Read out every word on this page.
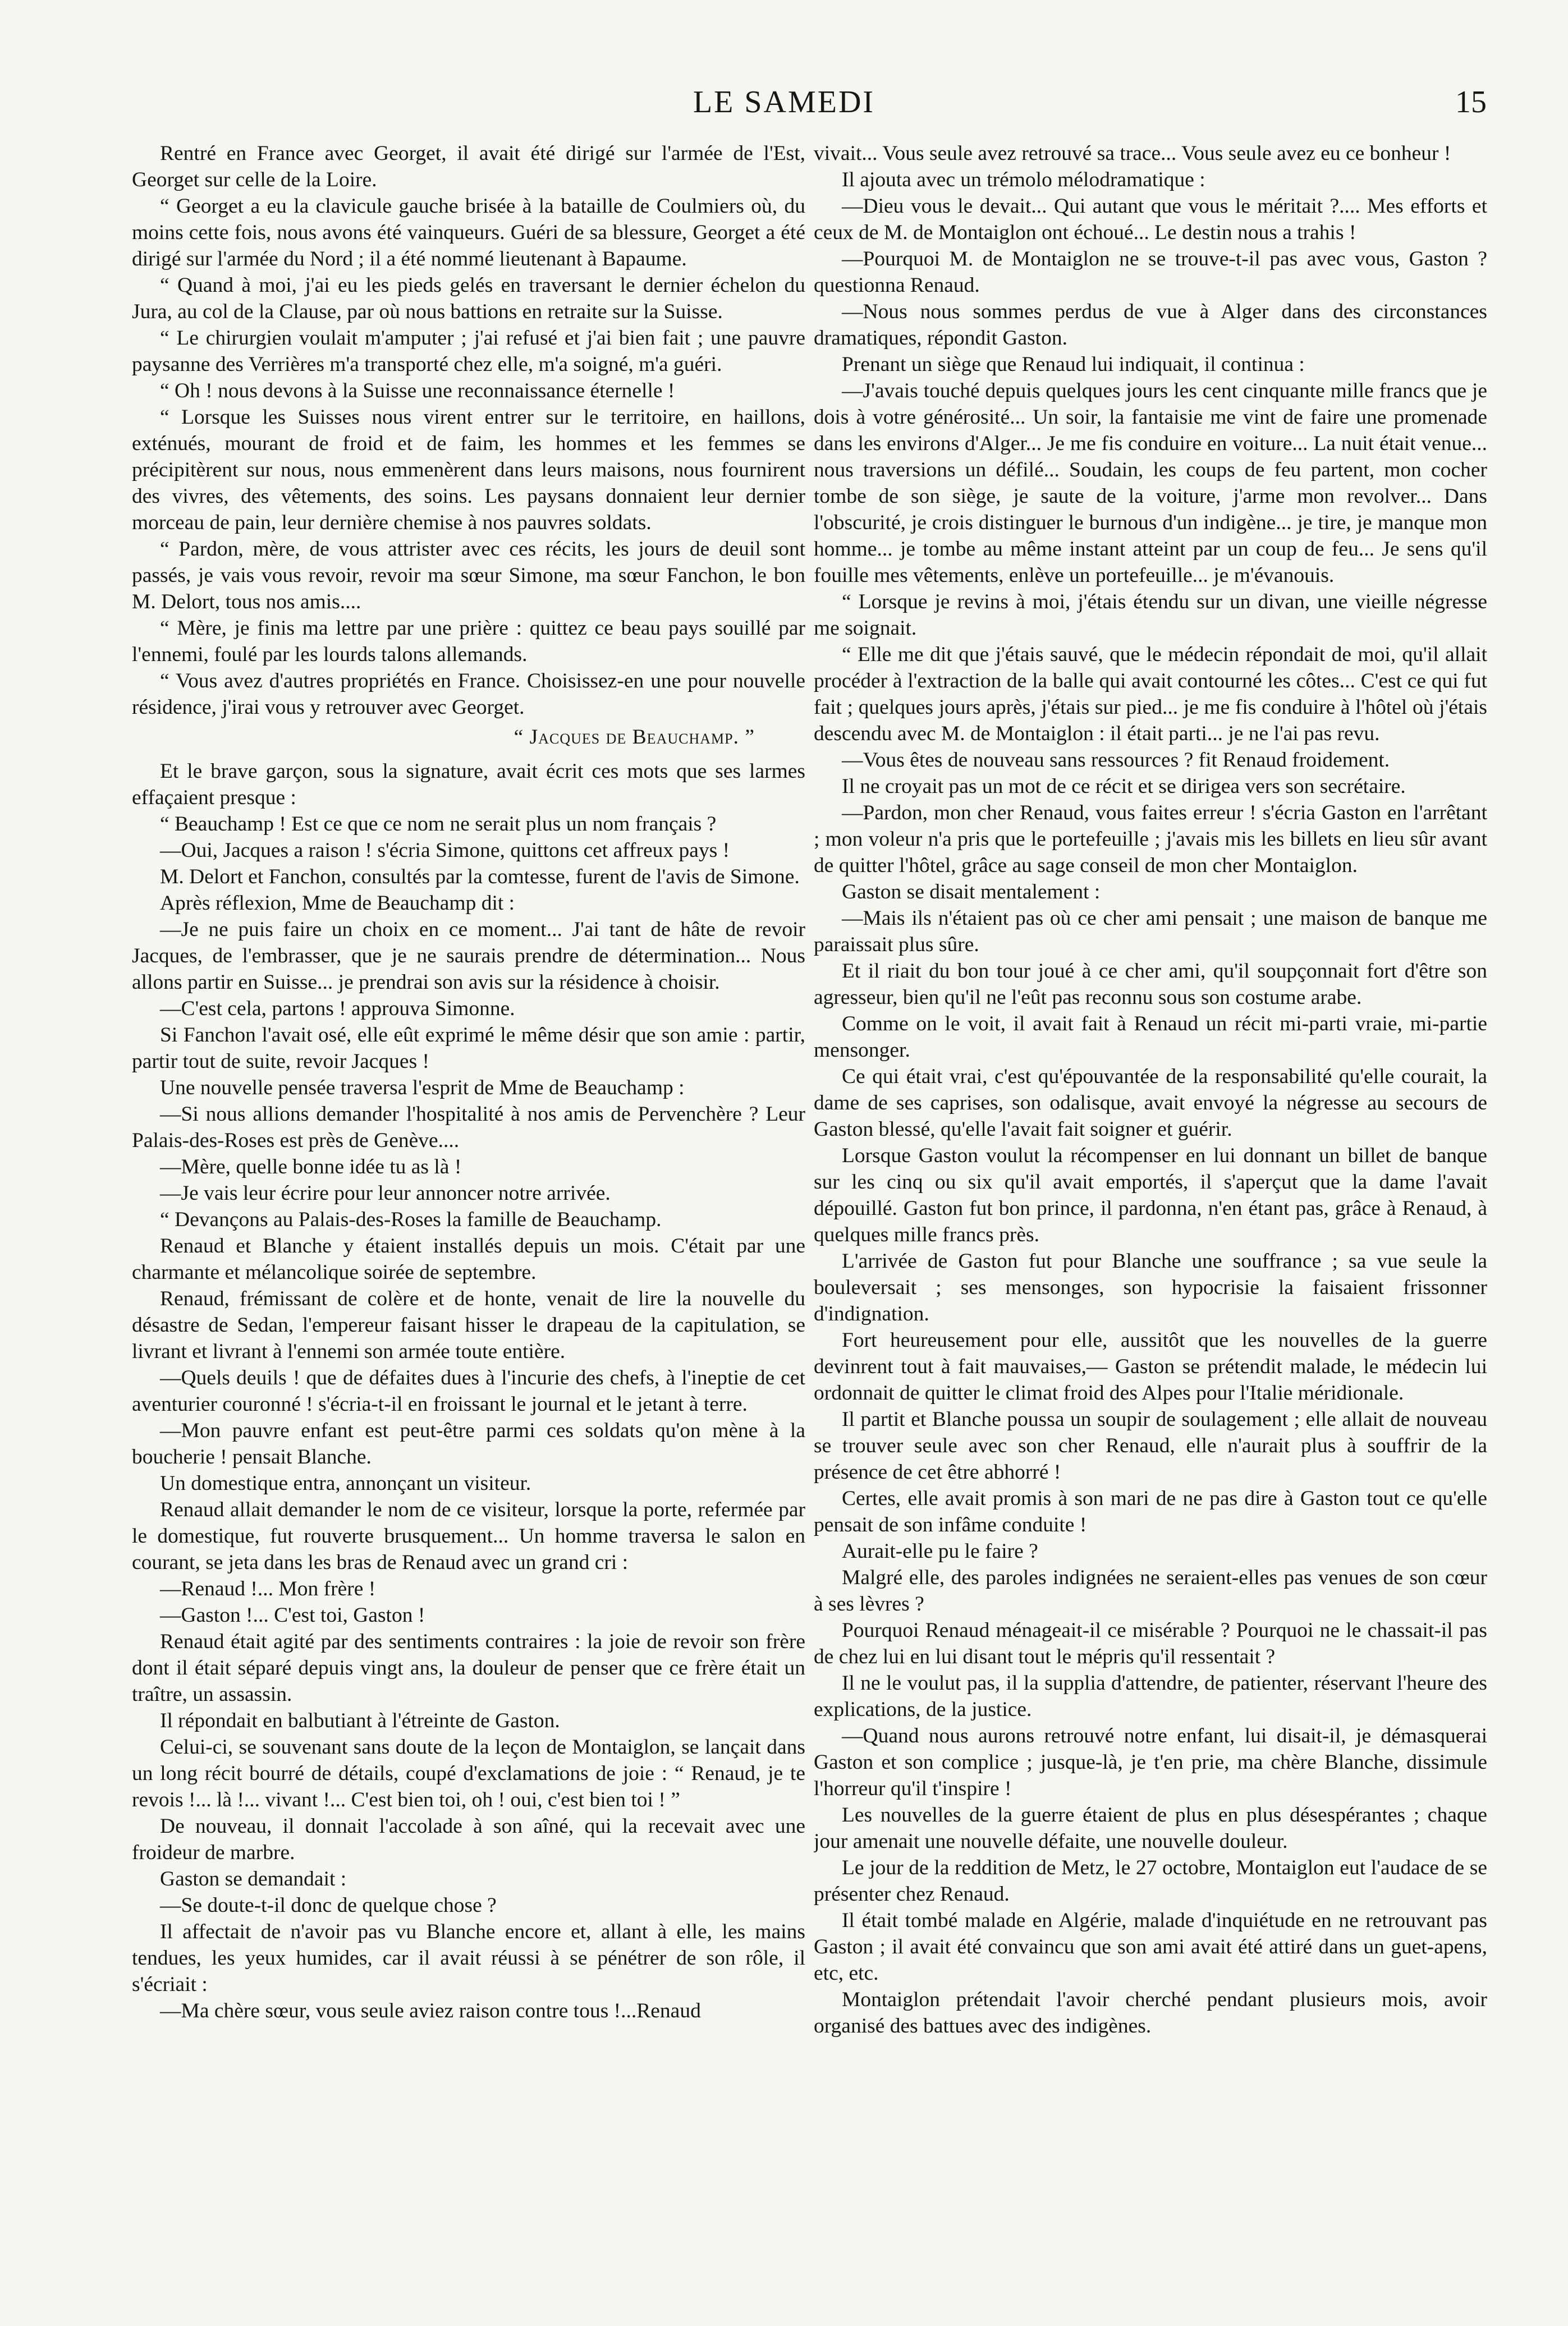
LE SAMEDI	15

Rentré en France avec Georget, il avait été dirigé sur l'armée de l'Est, Georget sur celle de la Loire.

“ Georget a eu la clavicule gauche brisée à la bataille de Coulmiers où, du moins cette fois, nous avons été vainqueurs. Guéri de sa blessure, Georget a été dirigé sur l'armée du Nord ; il a été nommé lieutenant à Bapaume.

“ Quand à moi, j'ai eu les pieds gelés en traversant le dernier échelon du Jura, au col de la Clause, par où nous battions en retraite sur la Suisse.

“ Le chirurgien voulait m'amputer ; j'ai refusé et j'ai bien fait ; une pauvre paysanne des Verrières m'a transporté chez elle, m'a soigné, m'a guéri.

“ Oh ! nous devons à la Suisse une reconnaissance éternelle !

“ Lorsque les Suisses nous virent entrer sur le territoire, en haillons, exténués, mourant de froid et de faim, les hommes et les femmes se précipitèrent sur nous, nous emmenèrent dans leurs maisons, nous fournirent des vivres, des vêtements, des soins. Les paysans donnaient leur dernier morceau de pain, leur dernière chemise à nos pauvres soldats.

“ Pardon, mère, de vous attrister avec ces récits, les jours de deuil sont passés, je vais vous revoir, revoir ma sœur Simone, ma sœur Fanchon, le bon M. Delort, tous nos amis....

“ Mère, je finis ma lettre par une prière : quittez ce beau pays souillé par l'ennemi, foulé par les lourds talons allemands.

“ Vous avez d'autres propriétés en France. Choisissez-en une pour nouvelle résidence, j'irai vous y retrouver avec Georget.

“ Jacques de Beauchamp. ”

Et le brave garçon, sous la signature, avait écrit ces mots que ses larmes effaçaient presque :

“ Beauchamp ! Est ce que ce nom ne serait plus un nom français ?

—Oui, Jacques a raison ! s'écria Simone, quittons cet affreux pays !

M. Delort et Fanchon, consultés par la comtesse, furent de l'avis de Simone.

Après réflexion, Mme de Beauchamp dit :

—Je ne puis faire un choix en ce moment... J'ai tant de hâte de revoir Jacques, de l'embrasser, que je ne saurais prendre de détermination... Nous allons partir en Suisse... je prendrai son avis sur la résidence à choisir.

—C'est cela, partons ! approuva Simonne.

Si Fanchon l'avait osé, elle eût exprimé le même désir que son amie : partir, partir tout de suite, revoir Jacques !

Une nouvelle pensée traversa l'esprit de Mme de Beauchamp :

—Si nous allions demander l'hospitalité à nos amis de Pervenchère ? Leur Palais-des-Roses est près de Genève....

—Mère, quelle bonne idée tu as là !

—Je vais leur écrire pour leur annoncer notre arrivée.

“ Devançons au Palais-des-Roses la famille de Beauchamp.

Renaud et Blanche y étaient installés depuis un mois. C'était par une charmante et mélancolique soirée de septembre.

Renaud, frémissant de colère et de honte, venait de lire la nouvelle du désastre de Sedan, l'empereur faisant hisser le drapeau de la capitulation, se livrant et livrant à l'ennemi son armée toute entière.

—Quels deuils ! que de défaites dues à l'incurie des chefs, à l'ineptie de cet aventurier couronné ! s'écria-t-il en froissant le journal et le jetant à terre.

—Mon pauvre enfant est peut-être parmi ces soldats qu'on mène à la boucherie ! pensait Blanche.

Un domestique entra, annonçant un visiteur.

Renaud allait demander le nom de ce visiteur, lorsque la porte, refermée par le domestique, fut rouverte brusquement... Un homme traversa le salon en courant, se jeta dans les bras de Renaud avec un grand cri :

—Renaud !... Mon frère !

—Gaston !... C'est toi, Gaston !

Renaud était agité par des sentiments contraires : la joie de revoir son frère dont il était séparé depuis vingt ans, la douleur de penser que ce frère était un traître, un assassin.

Il répondait en balbutiant à l'étreinte de Gaston.

Celui-ci, se souvenant sans doute de la leçon de Montaiglon, se lançait dans un long récit bourré de détails, coupé d'exclamations de joie : “ Renaud, je te revois !... là !... vivant !... C'est bien toi, oh ! oui, c'est bien toi ! ”

De nouveau, il donnait l'accolade à son aîné, qui la recevait avec une froideur de marbre.

Gaston se demandait :

—Se doute-t-il donc de quelque chose ?

Il affectait de n'avoir pas vu Blanche encore et, allant à elle, les mains tendues, les yeux humides, car il avait réussi à se pénétrer de son rôle, il s'écriait :

—Ma chère sœur, vous seule aviez raison contre tous !...Renaud

vivait... Vous seule avez retrouvé sa trace... Vous seule avez eu ce bonheur !

Il ajouta avec un trémolo mélodramatique :

—Dieu vous le devait... Qui autant que vous le méritait ?.... Mes efforts et ceux de M. de Montaiglon ont échoué... Le destin nous a trahis !

—Pourquoi M. de Montaiglon ne se trouve-t-il pas avec vous, Gaston ? questionna Renaud.

—Nous nous sommes perdus de vue à Alger dans des circonstances dramatiques, répondit Gaston.

Prenant un siège que Renaud lui indiquait, il continua :

—J'avais touché depuis quelques jours les cent cinquante mille francs que je dois à votre générosité... Un soir, la fantaisie me vint de faire une promenade dans les environs d'Alger... Je me fis conduire en voiture... La nuit était venue... nous traversions un défilé... Soudain, les coups de feu partent, mon cocher tombe de son siège, je saute de la voiture, j'arme mon revolver... Dans l'obscurité, je crois distinguer le burnous d'un indigène... je tire, je manque mon homme... je tombe au même instant atteint par un coup de feu... Je sens qu'il fouille mes vêtements, enlève un portefeuille... je m'évanouis.

“ Lorsque je revins à moi, j'étais étendu sur un divan, une vieille négresse me soignait.

“ Elle me dit que j'étais sauvé, que le médecin répondait de moi, qu'il allait procéder à l'extraction de la balle qui avait contourné les côtes... C'est ce qui fut fait ; quelques jours après, j'étais sur pied... je me fis conduire à l'hôtel où j'étais descendu avec M. de Montaiglon : il était parti... je ne l'ai pas revu.

—Vous êtes de nouveau sans ressources ? fit Renaud froidement.

Il ne croyait pas un mot de ce récit et se dirigea vers son secrétaire.

—Pardon, mon cher Renaud, vous faites erreur ! s'écria Gaston en l'arrêtant ; mon voleur n'a pris que le portefeuille ; j'avais mis les billets en lieu sûr avant de quitter l'hôtel, grâce au sage conseil de mon cher Montaiglon.

Gaston se disait mentalement :

—Mais ils n'étaient pas où ce cher ami pensait ; une maison de banque me paraissait plus sûre.

Et il riait du bon tour joué à ce cher ami, qu'il soupçonnait fort d'être son agresseur, bien qu'il ne l'eût pas reconnu sous son costume arabe.

Comme on le voit, il avait fait à Renaud un récit mi-parti vraie, mi-partie mensonger.

Ce qui était vrai, c'est qu'épouvantée de la responsabilité qu'elle courait, la dame de ses caprises, son odalisque, avait envoyé la négresse au secours de Gaston blessé, qu'elle l'avait fait soigner et guérir.

Lorsque Gaston voulut la récompenser en lui donnant un billet de banque sur les cinq ou six qu'il avait emportés, il s'aperçut que la dame l'avait dépouillé. Gaston fut bon prince, il pardonna, n'en étant pas, grâce à Renaud, à quelques mille francs près.

L'arrivée de Gaston fut pour Blanche une souffrance ; sa vue seule la bouleversait ; ses mensonges, son hypocrisie la faisaient frissonner d'indignation.

Fort heureusement pour elle, aussitôt que les nouvelles de la guerre devinrent tout à fait mauvaises,— Gaston se prétendit malade, le médecin lui ordonnait de quitter le climat froid des Alpes pour l'Italie méridionale.

Il partit et Blanche poussa un soupir de soulagement ; elle allait de nouveau se trouver seule avec son cher Renaud, elle n'aurait plus à souffrir de la présence de cet être abhorré !

Certes, elle avait promis à son mari de ne pas dire à Gaston tout ce qu'elle pensait de son infâme conduite !

Aurait-elle pu le faire ?

Malgré elle, des paroles indignées ne seraient-elles pas venues de son cœur à ses lèvres ?

Pourquoi Renaud ménageait-il ce misérable ? Pourquoi ne le chassait-il pas de chez lui en lui disant tout le mépris qu'il ressentait ?

Il ne le voulut pas, il la supplia d'attendre, de patienter, réservant l'heure des explications, de la justice.

—Quand nous aurons retrouvé notre enfant, lui disait-il, je démasquerai Gaston et son complice ; jusque-là, je t'en prie, ma chère Blanche, dissimule l'horreur qu'il t'inspire !

Les nouvelles de la guerre étaient de plus en plus désespérantes ; chaque jour amenait une nouvelle défaite, une nouvelle douleur.

Le jour de la reddition de Metz, le 27 octobre, Montaiglon eut l'audace de se présenter chez Renaud.

Il était tombé malade en Algérie, malade d'inquiétude en ne retrouvant pas Gaston ; il avait été convaincu que son ami avait été attiré dans un guet-apens, etc, etc.

Montaiglon prétendait l'avoir cherché pendant plusieurs mois, avoir organisé des battues avec des indigènes.
